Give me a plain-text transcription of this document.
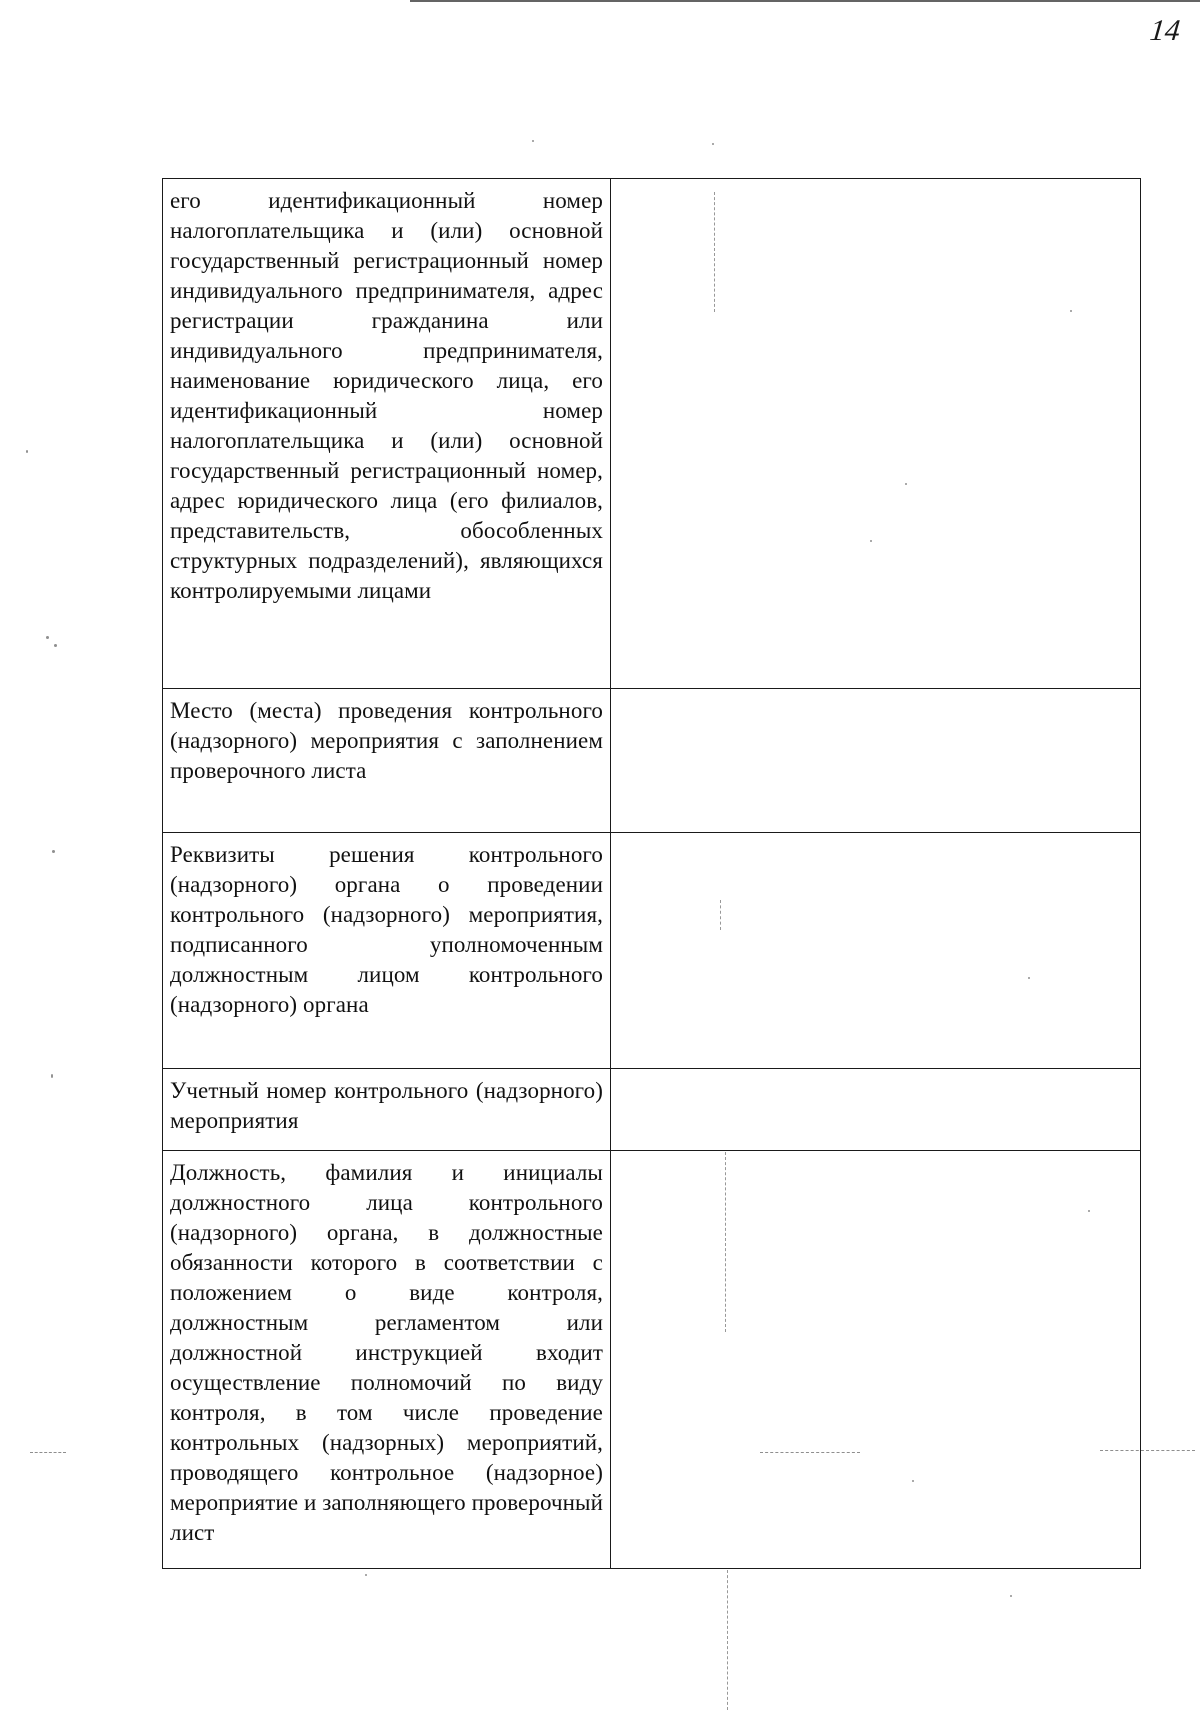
14
его идентификационный номер налогоплательщика и (или) основной государственный регистрационный номер индивидуального предпринимателя, адрес регистрации гражданина или индивидуального предпринимателя, наименование юридического лица, его идентификационный номер налогоплательщика и (или) основной государственный регистрационный номер, адрес юридического лица (его филиалов, представительств, обособленных структурных подразделений), являющихся контролируемыми лицами	
Место (места) проведения контрольного (надзорного) мероприятия с заполнением проверочного листа	
Реквизиты решения контрольного (надзорного) органа о проведении контрольного (надзорного) мероприятия, подписанного уполномоченным должностным лицом контрольного (надзорного) органа	
Учетный номер контрольного (надзорного) мероприятия	
Должность, фамилия и инициалы должностного лица контрольного (надзорного) органа, в должностные обязанности которого в соответствии с положением о виде контроля, должностным регламентом или должностной инструкцией входит осуществление полномочий по виду контроля, в том числе проведение контрольных (надзорных) мероприятий, проводящего контрольное (надзорное) мероприятие и заполняющего проверочный лист	
